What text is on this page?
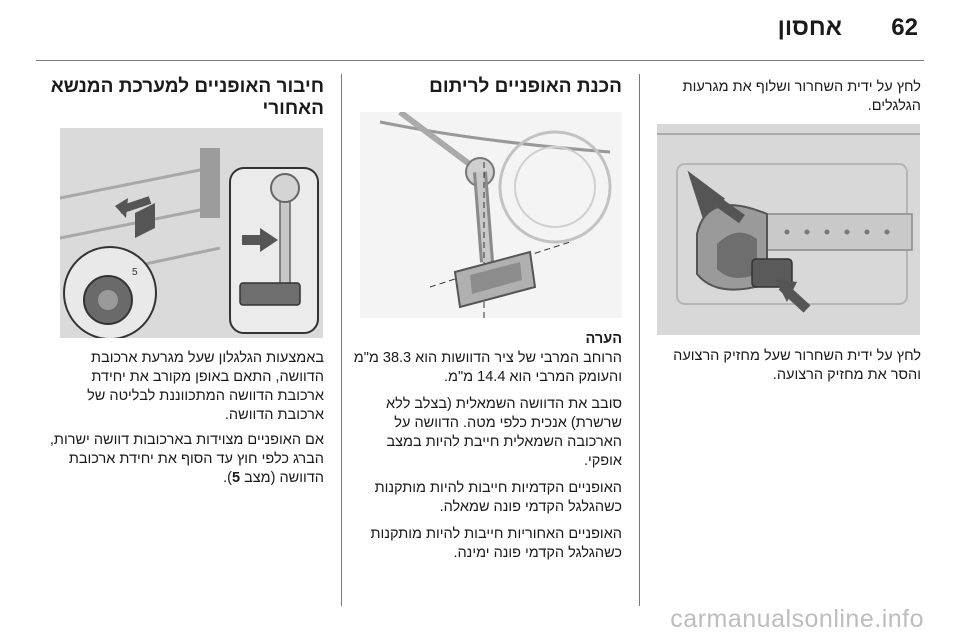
62
אחסון

לחץ על ידית השחרור ושלוף את מגרעות הגלגלים.

לחץ על ידית השחרור שעל מחזיק הרצועה והסר את מחזיק הרצועה.

הכנת האופניים לריתום

הערה

הרוחב המרבי של ציר הדוושות הוא 38.3 מ"מ והעומק המרבי הוא 14.4 מ"מ.

סובב את הדוושה השמאלית (בצלב ללא שרשרת) אנכית כלפי מטה. הדוושה על הארכובה השמאלית חייבת להיות במצב אופקי.

האופניים הקדמיות חייבות להיות מותקנות כשהגלגל הקדמי פונה שמאלה.

האופניים האחוריות חייבות להיות מותקנות כשהגלגל הקדמי פונה ימינה.

חיבור האופניים למערכת המנשא האחורי
5

באמצעות הגלגלון שעל מגרעת ארכובת הדוושה, התאם באופן מקורב את יחידת ארכובת הדוושה המתכווננת לבליטה של ארכובת הדוושה.

אם האופניים מצוידות בארכובות דוושה ישרות, הברג כלפי חוץ עד הסוף את יחידת ארכובת הדוושה (מצב 5).

carmanualsonline.info
